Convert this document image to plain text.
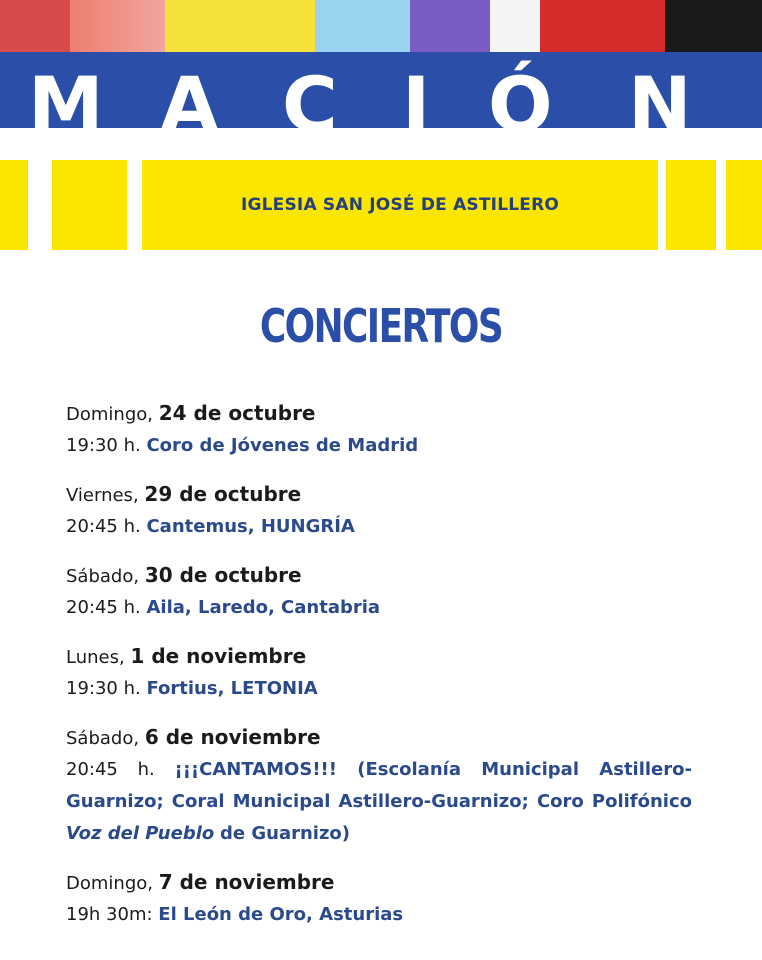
M A C I Ó N
IGLESIA SAN JOSÉ DE ASTILLERO
CONCIERTOS
Domingo, 24 de octubre
19:30 h. Coro de Jóvenes de Madrid
Viernes, 29 de octubre
20:45 h. Cantemus, HUNGRÍA
Sábado, 30 de octubre
20:45 h. Aila, Laredo, Cantabria
Lunes, 1 de noviembre
19:30 h. Fortius, LETONIA
Sábado, 6 de noviembre
20:45 h. ¡¡¡CANTAMOS!!! (Escolanía Municipal Astillero-Guarnizo; Coral Municipal Astillero-Guarnizo; Coro Polifónico Voz del Pueblo de Guarnizo)
Domingo, 7 de noviembre
19h 30m: El León de Oro, Asturias
